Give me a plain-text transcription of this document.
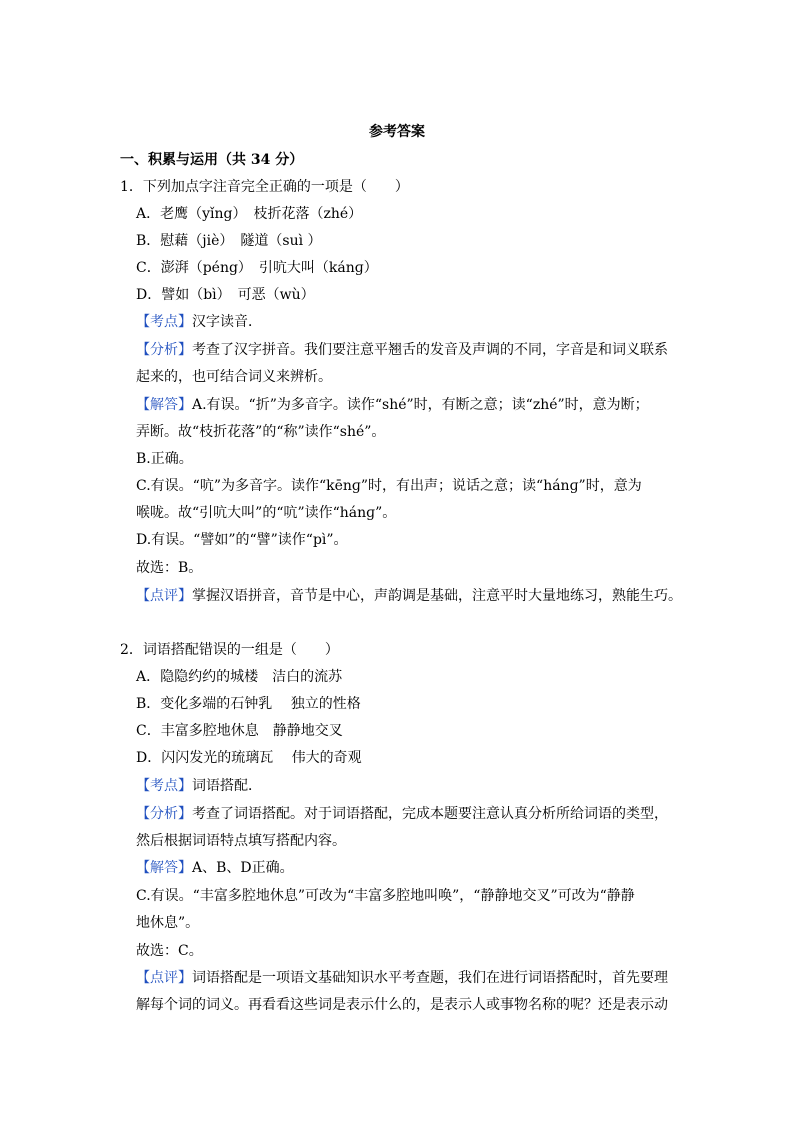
参考答案
一、积累与运用（共 34 分）
1．下列加点字注音完全正确的一项是（　　）
A．老鹰（yǐng）　枝折花落（zhé）
B．慰藉（jiè）　隧道（suì ）
C．澎湃（péng）　引吭大叫（kánɡ）
D．譬如（bì）　可恶（wù）
【考点】汉字读音．
【分析】考查了汉字拼音。我们要注意平翘舌的发音及声调的不同，字音是和词义联系
起来的，也可结合词义来辨析。
【解答】A.有误。“折”为多音字。读作“shé”时，有断之意；读“zhé”时，意为断；
弄断。故“枝折花落”的“称”读作“shé”。
B.正确。
C.有误。“吭”为多音字。读作“kēnɡ”时，有出声；说话之意；读“hánɡ”时，意为
喉咙。故“引吭大叫”的“吭”读作“hánɡ”。
D.有误。“譬如”的“譬”读作“pì”。
故选：B。
【点评】掌握汉语拼音，音节是中心，声韵调是基础，注意平时大量地练习，熟能生巧。
2．词语搭配错误的一组是（　　）
A．隐隐约约的城楼　洁白的流苏
B．变化多端的石钟乳　 独立的性格
C．丰富多腔地休息　静静地交叉
D．闪闪发光的琉璃瓦　 伟大的奇观
【考点】词语搭配．
【分析】考查了词语搭配。对于词语搭配，完成本题要注意认真分析所给词语的类型，
然后根据词语特点填写搭配内容。
【解答】A、B、D正确。
C.有误。“丰富多腔地休息”可改为“丰富多腔地叫唤”，“静静地交叉”可改为“静静
地休息”。
故选：C。
【点评】词语搭配是一项语文基础知识水平考查题，我们在进行词语搭配时，首先要理
解每个词的词义。再看看这些词是表示什么的，是表示人或事物名称的呢？还是表示动
